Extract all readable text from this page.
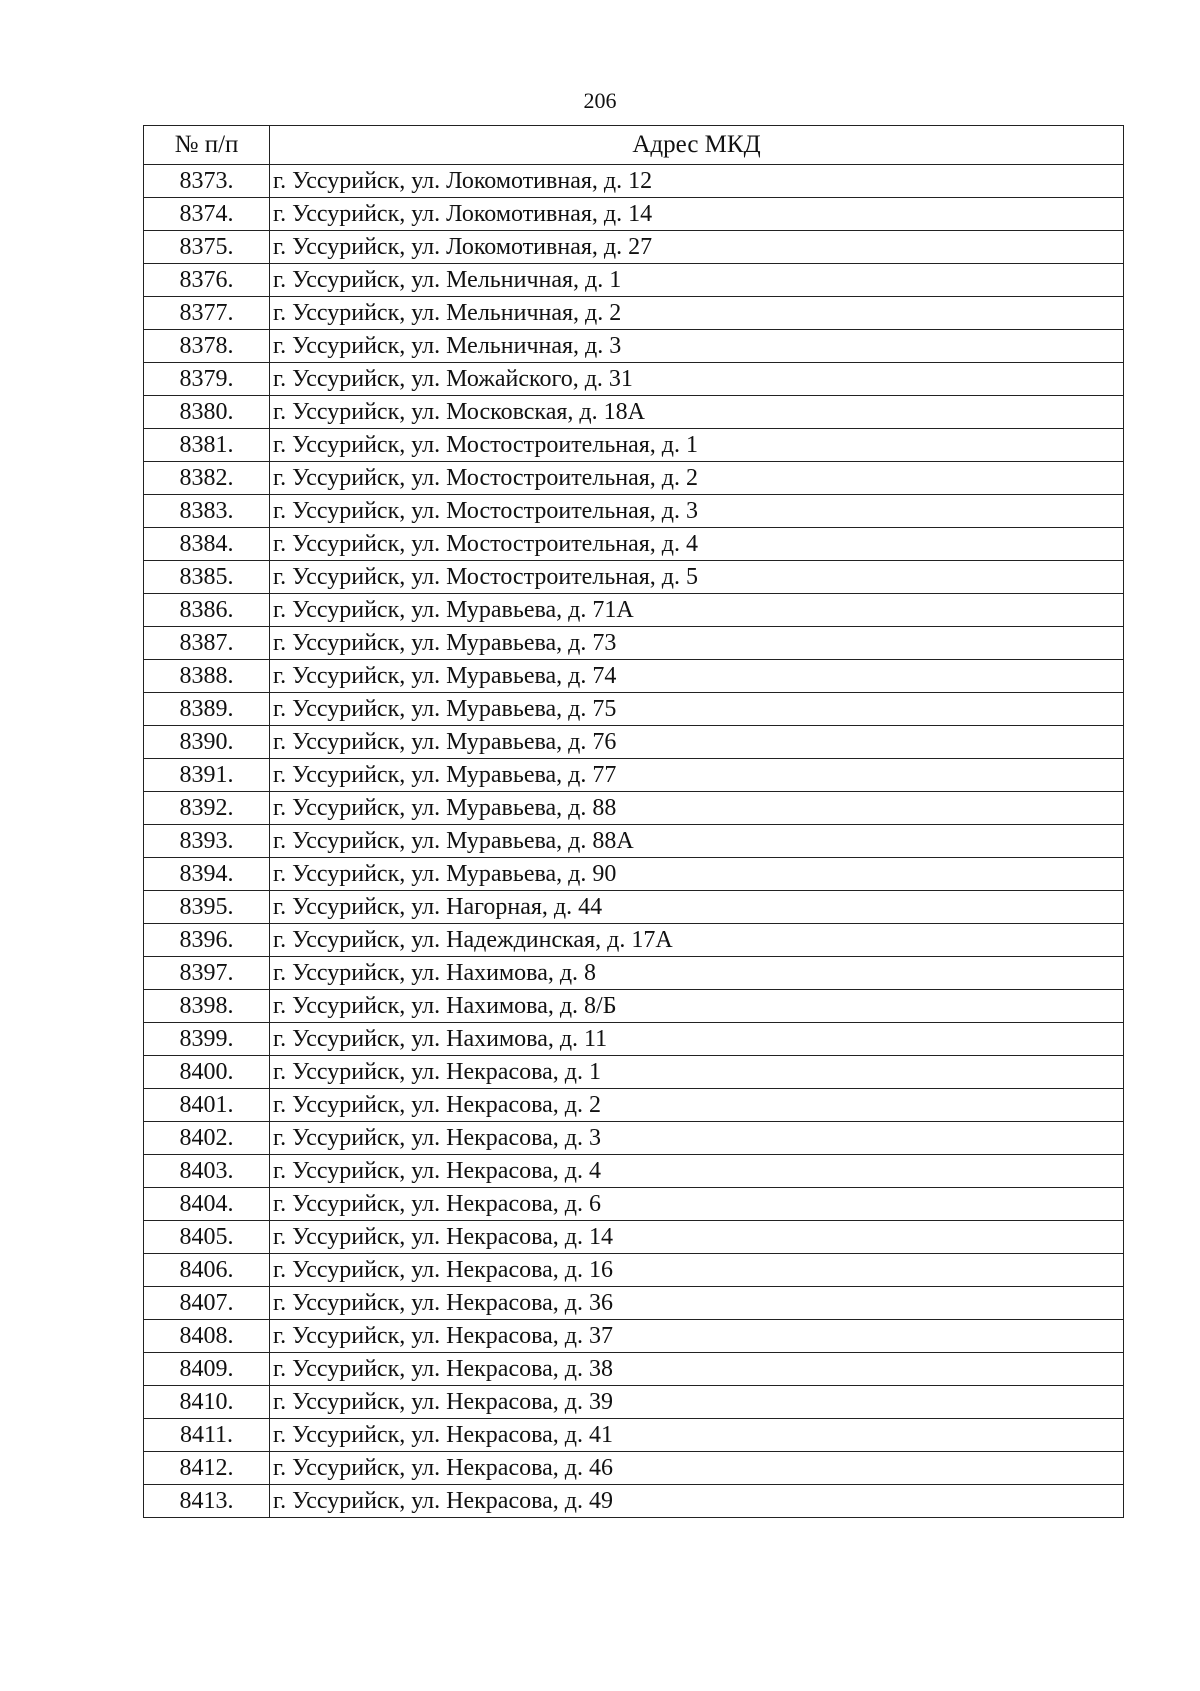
206
№ п/п	Адрес МКД
8373.	г. Уссурийск, ул. Локомотивная, д. 12
8374.	г. Уссурийск, ул. Локомотивная, д. 14
8375.	г. Уссурийск, ул. Локомотивная, д. 27
8376.	г. Уссурийск, ул. Мельничная, д. 1
8377.	г. Уссурийск, ул. Мельничная, д. 2
8378.	г. Уссурийск, ул. Мельничная, д. 3
8379.	г. Уссурийск, ул. Можайского, д. 31
8380.	г. Уссурийск, ул. Московская, д. 18А
8381.	г. Уссурийск, ул. Мостостроительная, д. 1
8382.	г. Уссурийск, ул. Мостостроительная, д. 2
8383.	г. Уссурийск, ул. Мостостроительная, д. 3
8384.	г. Уссурийск, ул. Мостостроительная, д. 4
8385.	г. Уссурийск, ул. Мостостроительная, д. 5
8386.	г. Уссурийск, ул. Муравьева, д. 71А
8387.	г. Уссурийск, ул. Муравьева, д. 73
8388.	г. Уссурийск, ул. Муравьева, д. 74
8389.	г. Уссурийск, ул. Муравьева, д. 75
8390.	г. Уссурийск, ул. Муравьева, д. 76
8391.	г. Уссурийск, ул. Муравьева, д. 77
8392.	г. Уссурийск, ул. Муравьева, д. 88
8393.	г. Уссурийск, ул. Муравьева, д. 88А
8394.	г. Уссурийск, ул. Муравьева, д. 90
8395.	г. Уссурийск, ул. Нагорная, д. 44
8396.	г. Уссурийск, ул. Надеждинская, д. 17А
8397.	г. Уссурийск, ул. Нахимова, д. 8
8398.	г. Уссурийск, ул. Нахимова, д. 8/Б
8399.	г. Уссурийск, ул. Нахимова, д. 11
8400.	г. Уссурийск, ул. Некрасова, д. 1
8401.	г. Уссурийск, ул. Некрасова, д. 2
8402.	г. Уссурийск, ул. Некрасова, д. 3
8403.	г. Уссурийск, ул. Некрасова, д. 4
8404.	г. Уссурийск, ул. Некрасова, д. 6
8405.	г. Уссурийск, ул. Некрасова, д. 14
8406.	г. Уссурийск, ул. Некрасова, д. 16
8407.	г. Уссурийск, ул. Некрасова, д. 36
8408.	г. Уссурийск, ул. Некрасова, д. 37
8409.	г. Уссурийск, ул. Некрасова, д. 38
8410.	г. Уссурийск, ул. Некрасова, д. 39
8411.	г. Уссурийск, ул. Некрасова, д. 41
8412.	г. Уссурийск, ул. Некрасова, д. 46
8413.	г. Уссурийск, ул. Некрасова, д. 49
